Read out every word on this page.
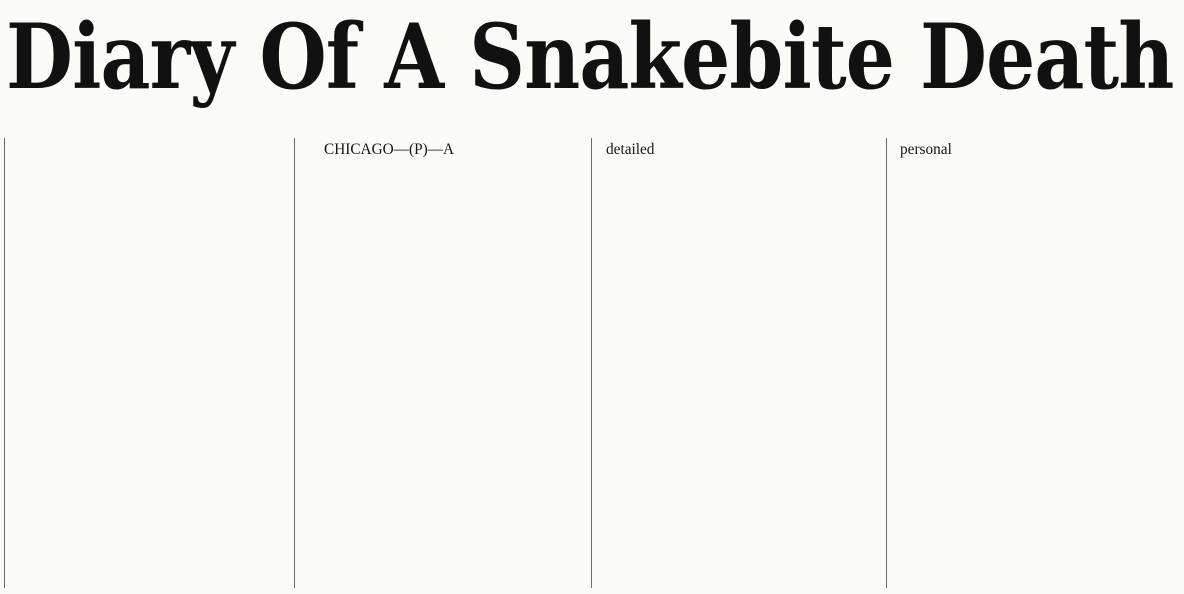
Diary Of A Snakebite Death

CHICAGO—(P)—A	detailed	personal
